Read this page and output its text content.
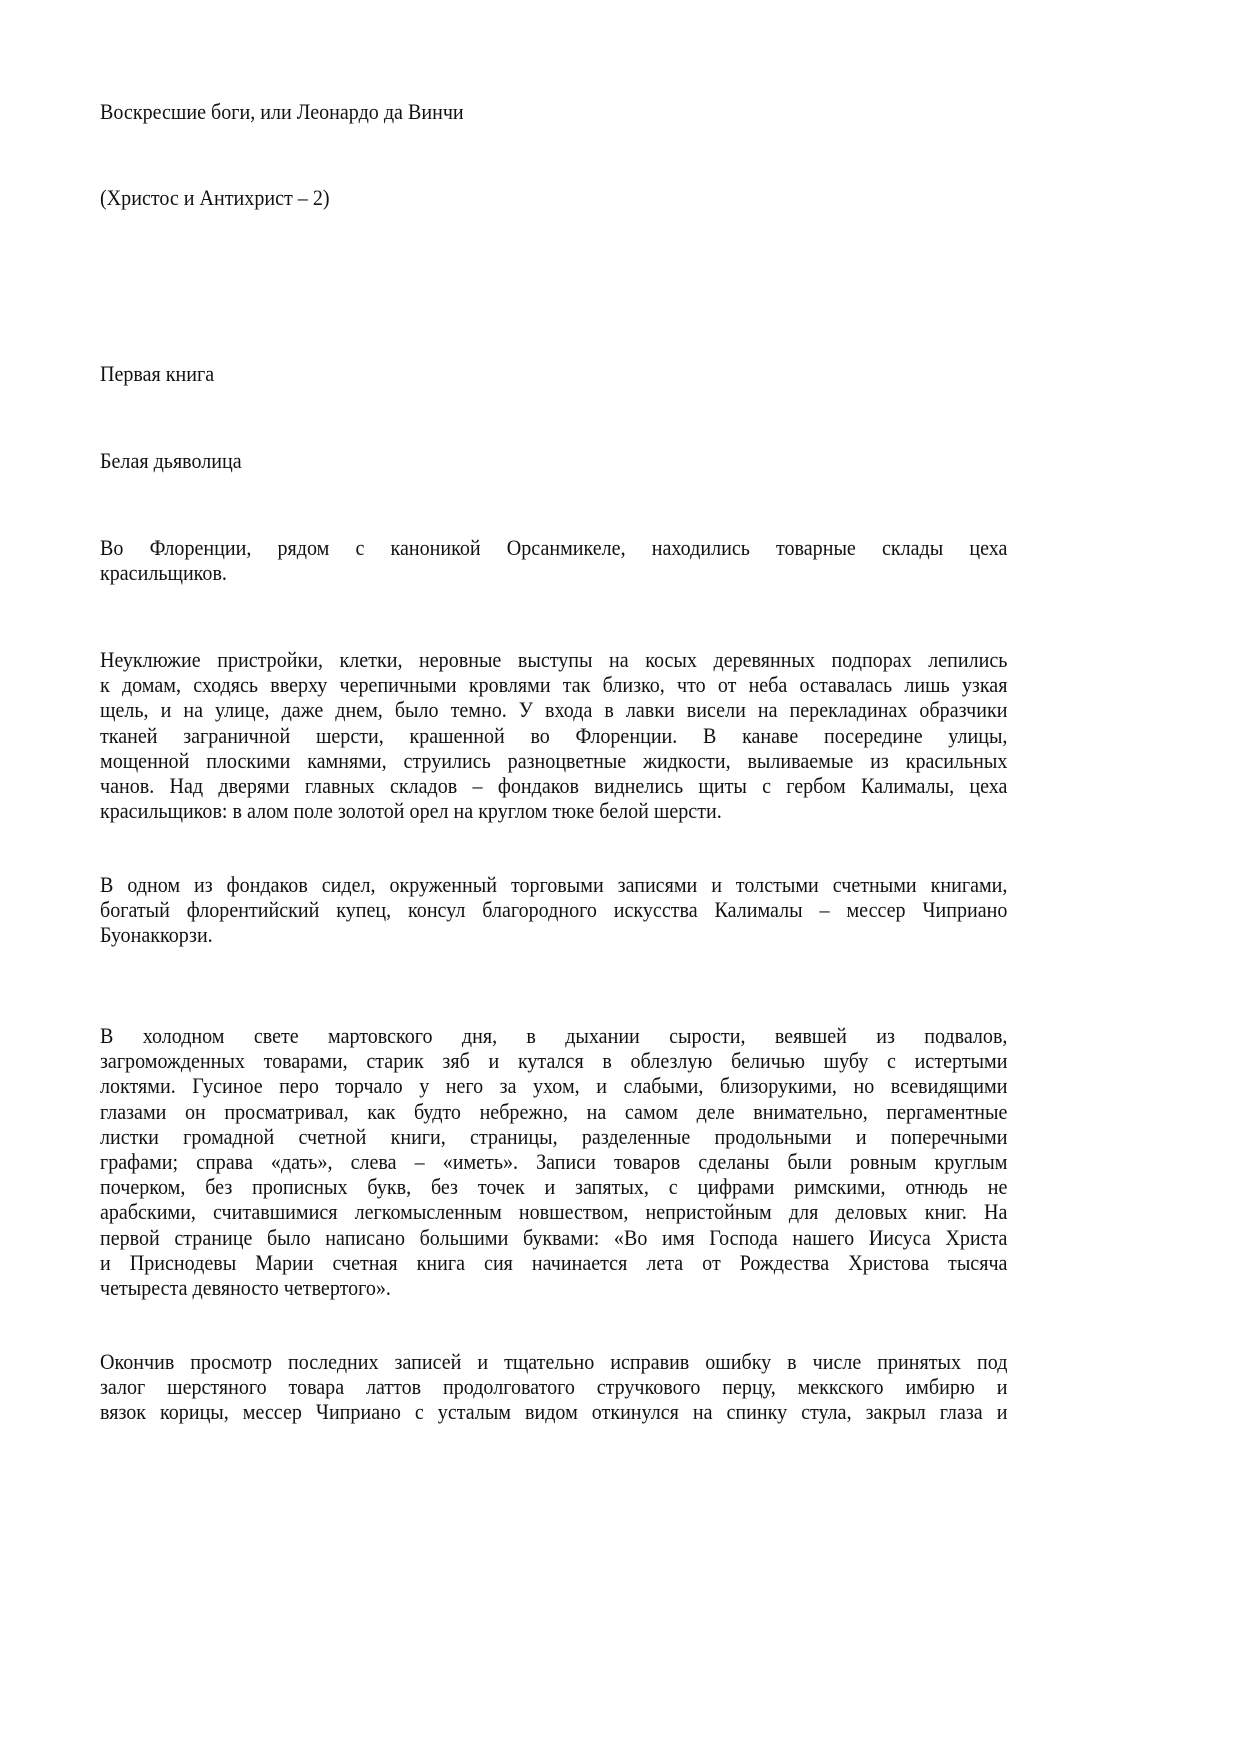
Воскресшие боги, или Леонардо да Винчи
(Христос и Антихрист – 2)
Первая книга
Белая дьяволица
Во Флоренции, рядом с каноникой Орсанмикеле, находились товарные склады цеха
красильщиков.
Неуклюжие пристройки, клетки, неровные выступы на косых деревянных подпорах лепились
к домам, сходясь вверху черепичными кровлями так близко, что от неба оставалась лишь узкая
щель, и на улице, даже днем, было темно. У входа в лавки висели на перекладинах образчики
тканей заграничной шерсти, крашенной во Флоренции. В канаве посередине улицы,
мощенной плоскими камнями, струились разноцветные жидкости, выливаемые из красильных
чанов. Над дверями главных складов – фондаков виднелись щиты с гербом Калималы, цеха
красильщиков: в алом поле золотой орел на круглом тюке белой шерсти.
В одном из фондаков сидел, окруженный торговыми записями и толстыми счетными книгами,
богатый флорентийский купец, консул благородного искусства Калималы – мессер Чиприано
Буонаккорзи.
В холодном свете мартовского дня, в дыхании сырости, веявшей из подвалов,
загроможденных товарами, старик зяб и кутался в облезлую беличью шубу с истертыми
локтями. Гусиное перо торчало у него за ухом, и слабыми, близорукими, но всевидящими
глазами он просматривал, как будто небрежно, на самом деле внимательно, пергаментные
листки громадной счетной книги, страницы, разделенные продольными и поперечными
графами; справа «дать», слева – «иметь». Записи товаров сделаны были ровным круглым
почерком, без прописных букв, без точек и запятых, с цифрами римскими, отнюдь не
арабскими, считавшимися легкомысленным новшеством, непристойным для деловых книг. На
первой странице было написано большими буквами: «Во имя Господа нашего Иисуса Христа
и Приснодевы Марии счетная книга сия начинается лета от Рождества Христова тысяча
четыреста девяносто четвертого».
Окончив просмотр последних записей и тщательно исправив ошибку в числе принятых под
залог шерстяного товара латтов продолговатого стручкового перцу, меккского имбирю и
вязок корицы, мессер Чиприано с усталым видом откинулся на спинку стула, закрыл глаза и
